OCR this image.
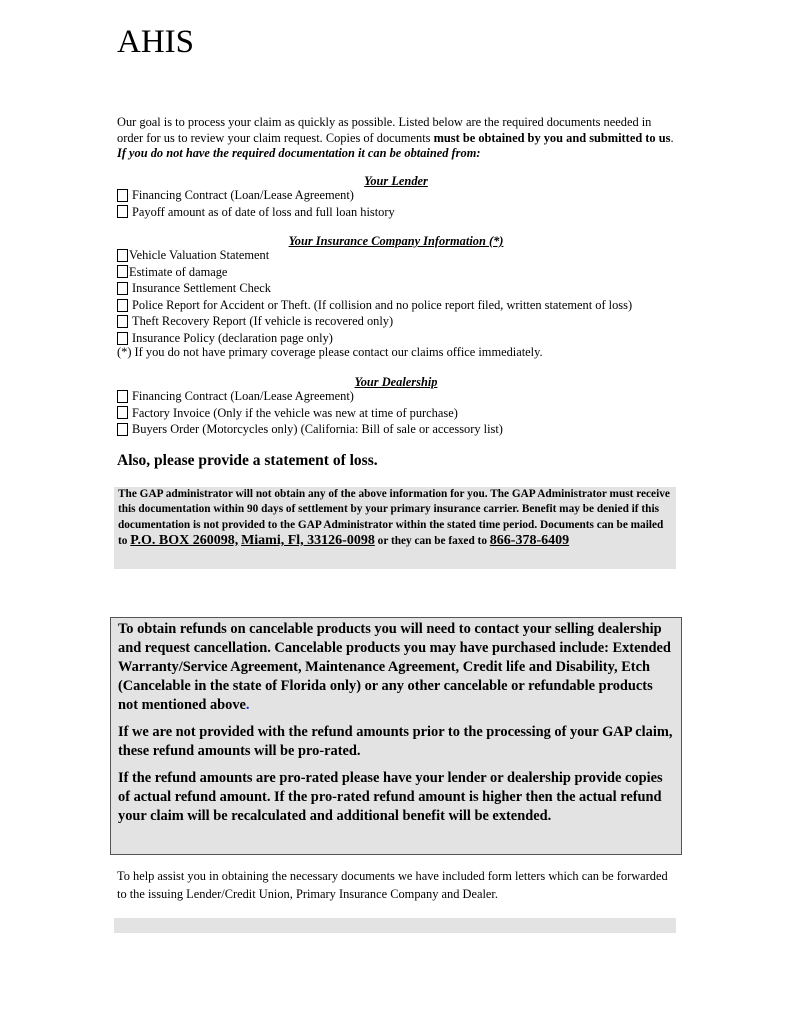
AHIS

Our goal is to process your claim as quickly as possible. Listed below are the required documents needed in order for us to review your claim request. Copies of documents must be obtained by you and submitted to us. If you do not have the required documentation it can be obtained from:

Your Lender
Financing Contract (Loan/Lease Agreement)
Payoff amount as of date of loss and full loan history
Your Insurance Company Information (*)
Vehicle Valuation Statement
Estimate of damage
Insurance Settlement Check
Police Report for Accident or Theft. (If collision and no police report filed, written statement of loss)
Theft Recovery Report (If vehicle is recovered only)
Insurance Policy (declaration page only)

(*) If you do not have primary coverage please contact our claims office immediately.

Your Dealership
Financing Contract (Loan/Lease Agreement)
Factory Invoice (Only if the vehicle was new at time of purchase)
Buyers Order (Motorcycles only) (California: Bill of sale or accessory list)

Also, please provide a statement of loss.

The GAP administrator will not obtain any of the above information for you. The GAP Administrator must receive this documentation within 90 days of settlement by your primary insurance carrier. Benefit may be denied if this documentation is not provided to the GAP Administrator within the stated time period. Documents can be mailed to P.O. BOX 260098, Miami, Fl, 33126-0098 or they can be faxed to 866-378-6409

To obtain refunds on cancelable products you will need to contact your selling dealership and request cancellation. Cancelable products you may have purchased include: Extended Warranty/Service Agreement, Maintenance Agreement, Credit life and Disability, Etch (Cancelable in the state of Florida only) or any other cancelable or refundable products not mentioned above.

If we are not provided with the refund amounts prior to the processing of your GAP claim, these refund amounts will be pro-rated.

If the refund amounts are pro-rated please have your lender or dealership provide copies of actual refund amount. If the pro-rated refund amount is higher then the actual refund your claim will be recalculated and additional benefit will be extended.

To help assist you in obtaining the necessary documents we have included form letters which can be forwarded to the issuing Lender/Credit Union, Primary Insurance Company and Dealer.
